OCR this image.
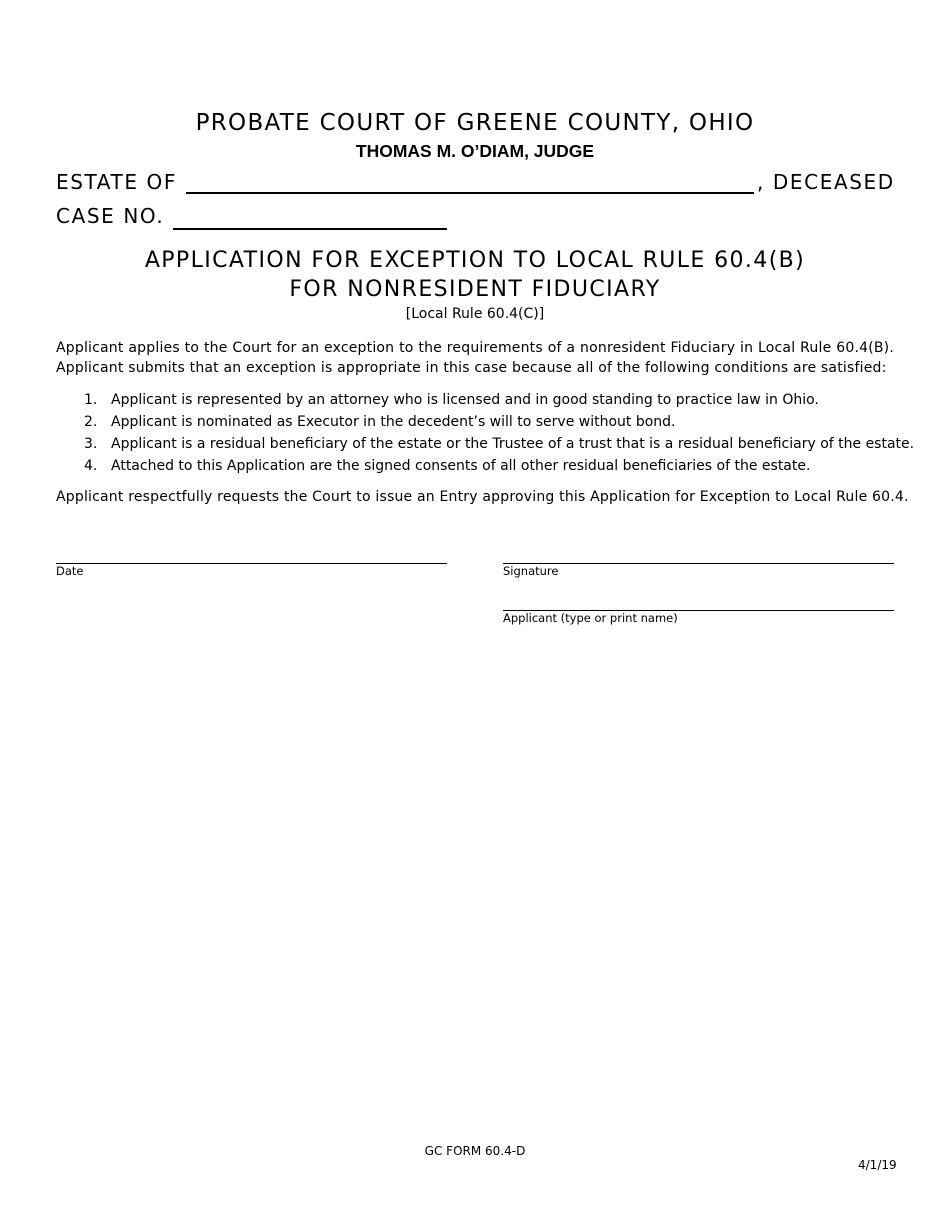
PROBATE COURT OF GREENE COUNTY, OHIO
THOMAS M. O’DIAM, JUDGE
ESTATE OF	, DECEASED
CASE NO.
APPLICATION FOR EXCEPTION TO LOCAL RULE 60.4(B)
FOR NONRESIDENT FIDUCIARY
[Local Rule 60.4(C)]
Applicant applies to the Court for an exception to the requirements of a nonresident Fiduciary in Local Rule 60.4(B).
Applicant submits that an exception is appropriate in this case because all of the following conditions are satisfied:
1. Applicant is represented by an attorney who is licensed and in good standing to practice law in Ohio.
2. Applicant is nominated as Executor in the decedent’s will to serve without bond.
3. Applicant is a residual beneficiary of the estate or the Trustee of a trust that is a residual beneficiary of the estate.
4. Attached to this Application are the signed consents of all other residual beneficiaries of the estate.
Applicant respectfully requests the Court to issue an Entry approving this Application for Exception to Local Rule 60.4.
Date	Signature
Applicant (type or print name)
GC FORM 60.4-D
4/1/19
